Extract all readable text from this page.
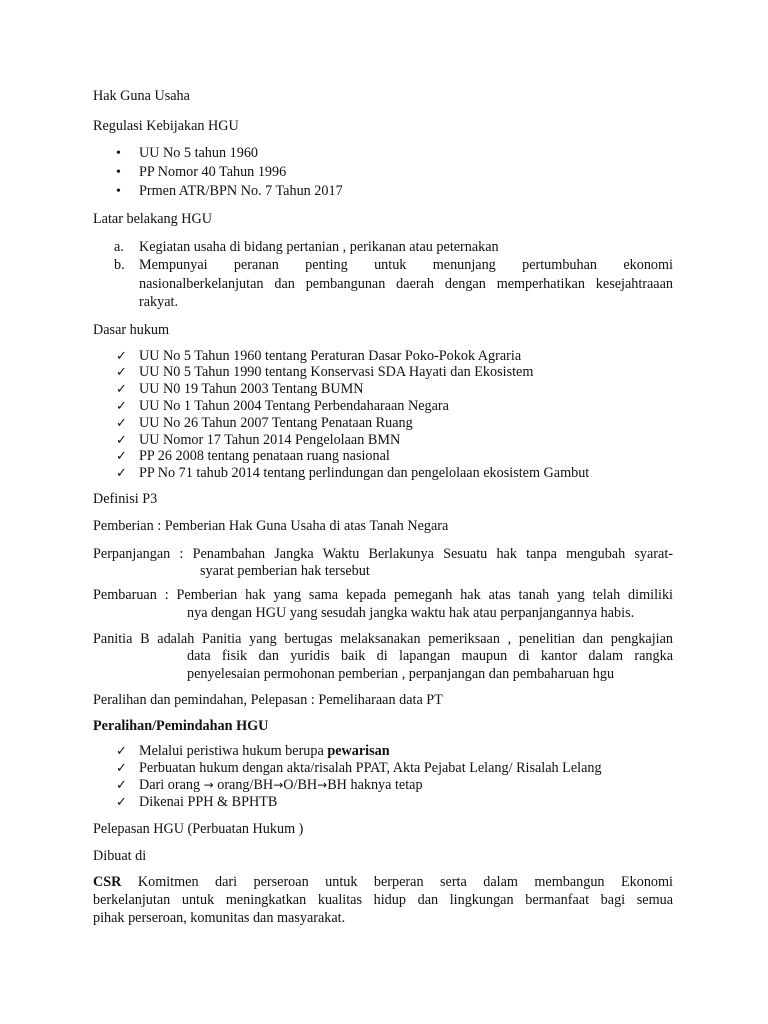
Hak Guna Usaha
Regulasi Kebijakan HGU
• UU No 5 tahun 1960
• PP Nomor 40 Tahun 1996
• Prmen ATR/BPN No. 7 Tahun 2017
Latar belakang HGU
a. Kegiatan usaha di bidang pertanian , perikanan atau peternakan
b. Mempunyai peranan penting untuk menunjang pertumbuhan ekonomi
nasionalberkelanjutan dan pembangunan daerah dengan memperhatikan kesejahtraaan
rakyat.
Dasar hukum
✓ UU No 5 Tahun 1960 tentang Peraturan Dasar Poko-Pokok Agraria
✓ UU N0 5 Tahun 1990 tentang Konservasi SDA Hayati dan Ekosistem
✓ UU N0 19 Tahun 2003 Tentang BUMN
✓ UU No 1 Tahun 2004 Tentang Perbendaharaan Negara
✓ UU No 26 Tahun 2007 Tentang Penataan Ruang
✓ UU Nomor 17 Tahun 2014 Pengelolaan BMN
✓ PP 26 2008 tentang penataan ruang nasional
✓ PP No 71 tahub 2014 tentang perlindungan dan pengelolaan ekosistem Gambut
Definisi P3
Pemberian : Pemberian Hak Guna Usaha di atas Tanah Negara
Perpanjangan : Penambahan Jangka Waktu Berlakunya Sesuatu hak tanpa mengubah syarat-
syarat pemberian hak tersebut
Pembaruan : Pemberian hak yang sama kepada pemeganh hak atas tanah yang telah dimiliki
nya dengan HGU yang sesudah jangka waktu hak atau perpanjangannya habis.
Panitia B adalah Panitia yang bertugas melaksanakan pemeriksaan , penelitian dan pengkajian
data fisik dan yuridis baik di lapangan maupun di kantor dalam rangka
penyelesaian permohonan pemberian , perpanjangan dan pembaharuan hgu
Peralihan dan pemindahan, Pelepasan : Pemeliharaan data PT
Peralihan/Pemindahan HGU
✓ Melalui peristiwa hukum berupa pewarisan
✓ Perbuatan hukum dengan akta/risalah PPAT, Akta Pejabat Lelang/ Risalah Lelang
✓ Dari orang → orang/BH→O/BH→BH haknya tetap
✓ Dikenai PPH & BPHTB
Pelepasan HGU (Perbuatan Hukum )
Dibuat di
CSR Komitmen dari perseroan untuk berperan serta dalam membangun Ekonomi
berkelanjutan untuk meningkatkan kualitas hidup dan lingkungan bermanfaat bagi semua
pihak perseroan, komunitas dan masyarakat.
